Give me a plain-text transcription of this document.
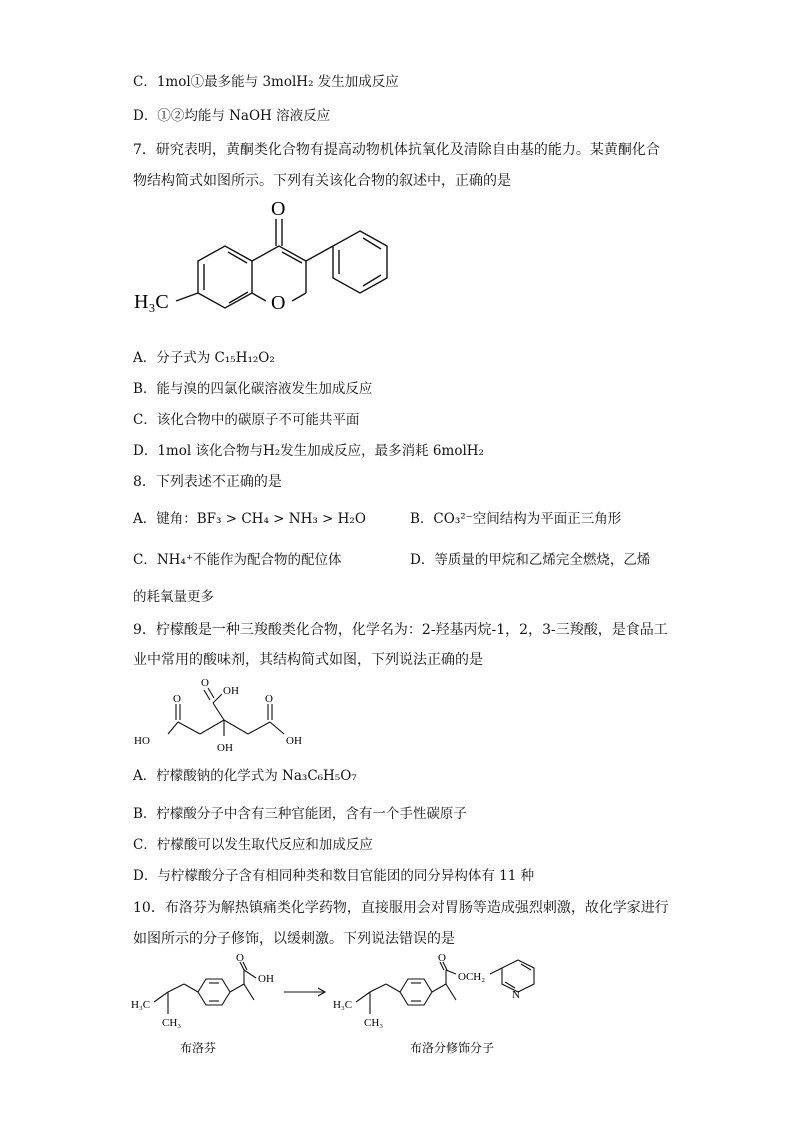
C．1mol①最多能与 3molH₂ 发生加成反应
D．①②均能与 NaOH 溶液反应
7．研究表明，黄酮类化合物有提高动物机体抗氧化及清除自由基的能力。某黄酮化合
物结构简式如图所示。下列有关该化合物的叙述中，正确的是
O
O
H₃C
A．分子式为 C₁₅H₁₂O₂
B．能与溴的四氯化碳溶液发生加成反应
C．该化合物中的碳原子不可能共平面
D．1mol 该化合物与H₂发生加成反应，最多消耗 6molH₂
8．下列表述不正确的是
A．键角：BF₃ > CH₄ > NH₃ > H₂O	B．CO₃²⁻空间结构为平面正三角形
C．NH₄⁺不能作为配合物的配位体	D．等质量的甲烷和乙烯完全燃烧，乙烯
的耗氧量更多
9．柠檬酸是一种三羧酸类化合物，化学名为：2-羟基丙烷-1，2，3-三羧酸，是食品工
业中常用的酸味剂，其结构简式如图，下列说法正确的是
O
OH
O	O
HO	OH
OH
A．柠檬酸钠的化学式为 Na₃C₆H₅O₇
B．柠檬酸分子中含有三种官能团，含有一个手性碳原子
C．柠檬酸可以发生取代反应和加成反应
D．与柠檬酸分子含有相同种类和数目官能团的同分异构体有 11 种
10．布洛芬为解热镇痛类化学药物，直接服用会对胃肠等造成强烈刺激，故化学家进行
如图所示的分子修饰，以缓刺激。下列说法错误的是
H₃C
CH₃
O
OH
H₃C
CH₃
O
OCH₂
N
布洛芬	布洛分修饰分子
